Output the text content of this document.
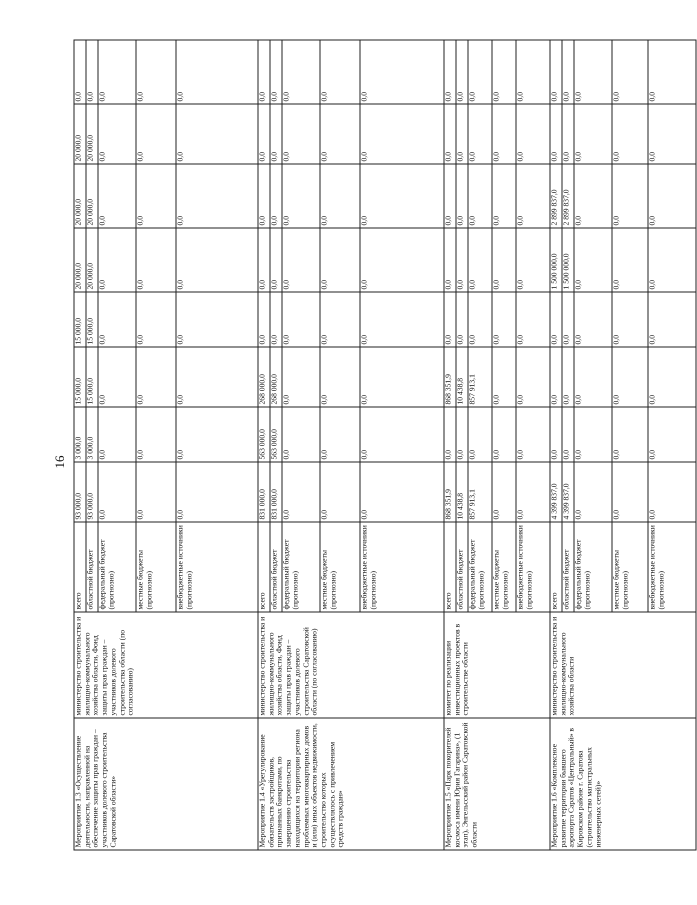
16
Мероприятие 1.3 «Осуществление деятельности, направленной на обеспечение защиты прав граждан – участников долевого строительства Саратовской области»	министерство строительства и жилищно-коммунального хозяйства области, Фонд защиты прав граждан – участников долевого строительства области (по согласованию)	всего	93 000,0	3 000,0	15 000,0	15 000,0	20 000,0	20 000,0	20 000,0	0,0
		областной бюджет	93 000,0	3 000,0	15 000,0	15 000,0	20 000,0	20 000,0	20 000,0	0,0
		федеральный бюджет (прогнозно)	0,0	0,0	0,0	0,0	0,0	0,0	0,0	0,0
		местные бюджеты (прогнозно)	0,0	0,0	0,0	0,0	0,0	0,0	0,0	0,0
		внебюджетные источники (прогнозно)	0,0	0,0	0,0	0,0	0,0	0,0	0,0	0,0
Мероприятие 1.4 «Урегулирование обязательств застройщиков, признанных банкротами, по завершению строительства находящихся на территории региона проблемных многоквартирных домов и (или) иных объектов недвижимости, строительство которых осуществлялось с привлечением средств граждан»	министерство строительства и жилищно-коммунального хозяйства области, Фонд защиты прав граждан – участников долевого строительства Саратовской области (по согласованию)	всего	831 000,0	563 000,0	268 000,0	0,0	0,0	0,0	0,0	0,0
		областной бюджет	831 000,0	563 000,0	268 000,0	0,0	0,0	0,0	0,0	0,0
		федеральный бюджет (прогнозно)	0,0	0,0	0,0	0,0	0,0	0,0	0,0	0,0
		местные бюджеты (прогнозно)	0,0	0,0	0,0	0,0	0,0	0,0	0,0	0,0
		внебюджетные источники (прогнозно)	0,0	0,0	0,0	0,0	0,0	0,0	0,0	0,0
Мероприятие 1.5 «Парк покорителей космоса имени Юрия Гагарина», (1 этап), Энгельсский район Саратовской области	комитет по реализации инвестиционных проектов в строительстве области	всего	868 351,9	0,0	868 351,9	0,0	0,0	0,0	0,0	0,0
		областной бюджет	10 438,8	0,0	10 438,8	0,0	0,0	0,0	0,0	0,0
		федеральный бюджет (прогнозно)	857 913,1	0,0	857 913,1	0,0	0,0	0,0	0,0	0,0
		местные бюджеты (прогнозно)	0,0	0,0	0,0	0,0	0,0	0,0	0,0	0,0
		внебюджетные источники (прогнозно)	0,0	0,0	0,0	0,0	0,0	0,0	0,0	0,0
Мероприятие 1.6 «Комплексное развитие территории бывшего аэропорта Саратов «Центральный» в Кировском районе г. Саратова (строительство магистральных инженерных сетей)»	министерство строительства и жилищно-коммунального хозяйства области	всего	4 399 837,0	0,0	0,0	0,0	1 500 000,0	2 899 837,0	0,0	0,0
		областной бюджет	4 399 837,0	0,0	0,0	0,0	1 500 000,0	2 899 837,0	0,0	0,0
		федеральный бюджет (прогнозно)	0,0	0,0	0,0	0,0	0,0	0,0	0,0	0,0
		местные бюджеты (прогнозно)	0,0	0,0	0,0	0,0	0,0	0,0	0,0	0,0
		внебюджетные источники (прогнозно)	0,0	0,0	0,0	0,0	0,0	0,0	0,0	0,0
